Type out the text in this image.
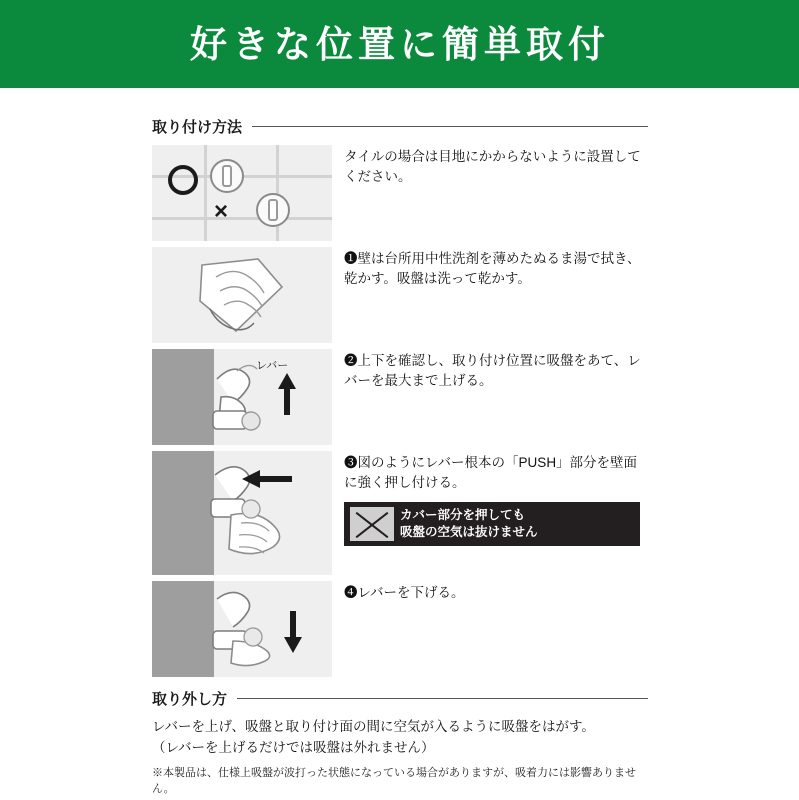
好きな位置に簡単取付
取り付け方法
×
タイルの場合は目地にかからないように設置してください。
❶壁は台所用中性洗剤を薄めたぬるま湯で拭き、乾かす。吸盤は洗って乾かす。
レバー	❷上下を確認し、取り付け位置に吸盤をあて、レバーを最大まで上げる。
❸図のようにレバー根本の「PUSH」部分を壁面に強く押し付ける。
カバー部分を押しても
吸盤の空気は抜けません
❹レバーを下げる。
取り外し方
レバーを上げ、吸盤と取り付け面の間に空気が入るように吸盤をはがす。
（レバーを上げるだけでは吸盤は外れません）
※本製品は、仕様上吸盤が波打った状態になっている場合がありますが、吸着力には影響ありません。
